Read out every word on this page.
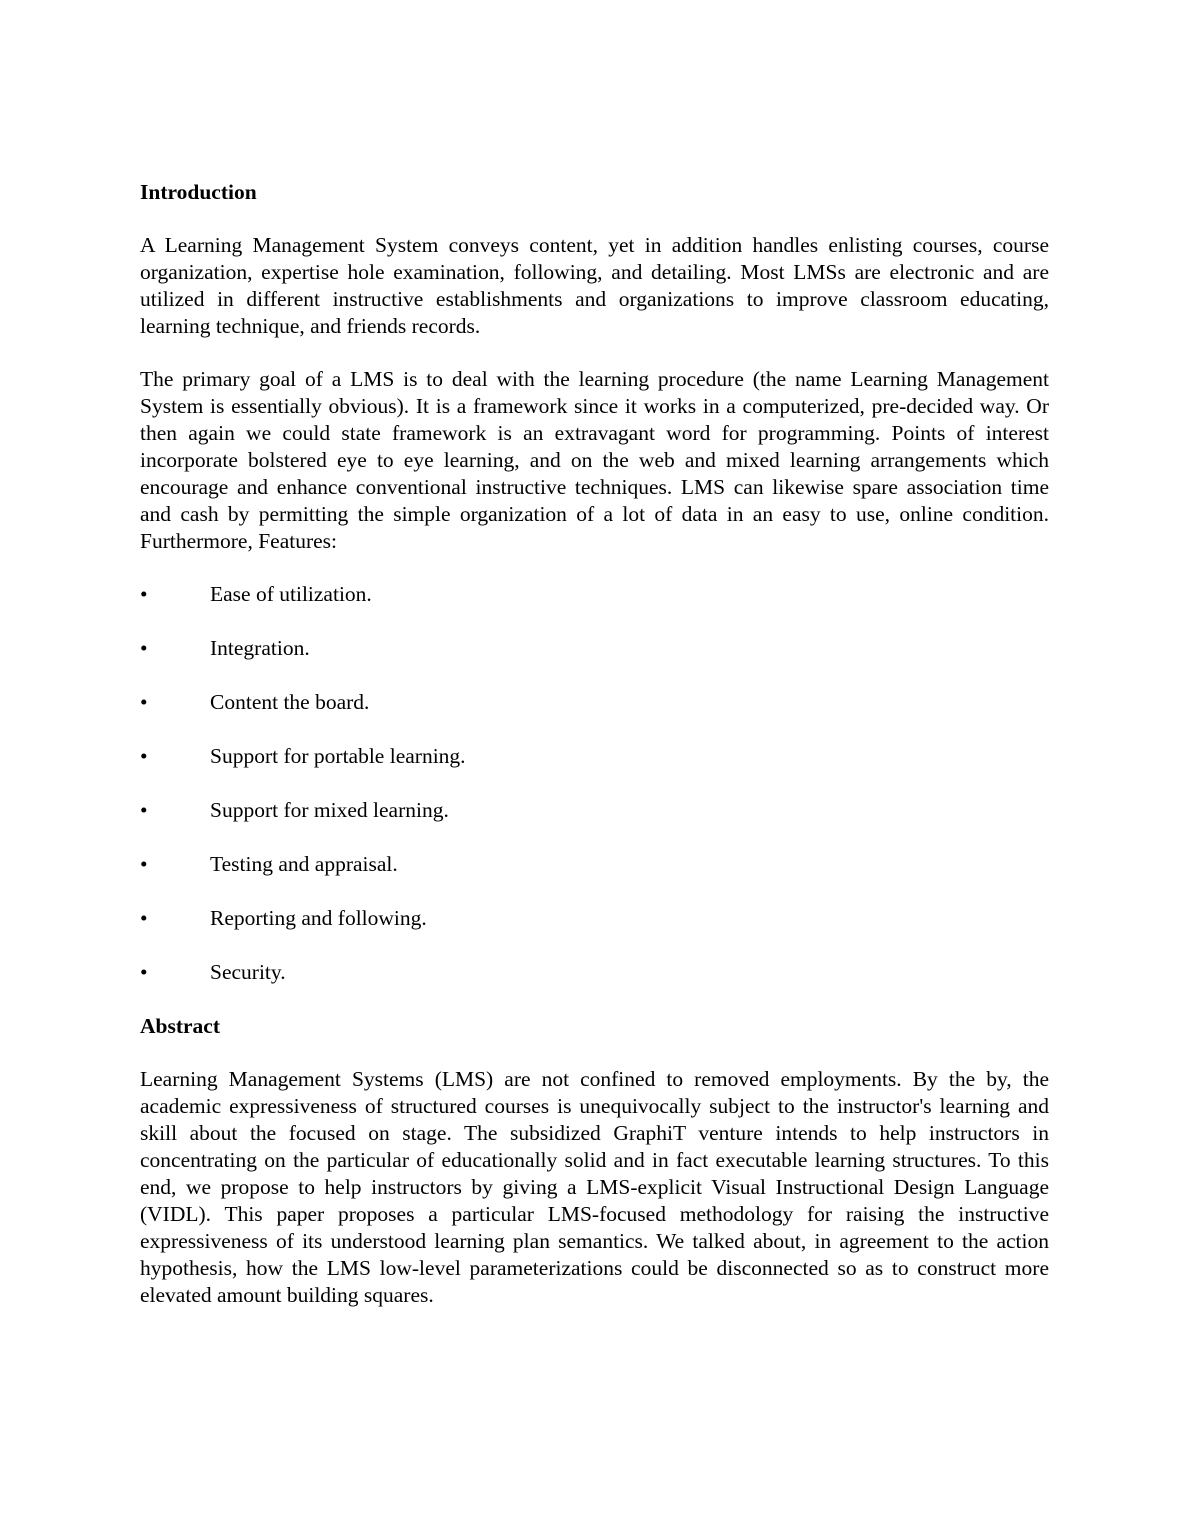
Introduction

A Learning Management System conveys content, yet in addition handles enlisting courses, course organization, expertise hole examination, following, and detailing. Most LMSs are electronic and are utilized in different instructive establishments and organizations to improve classroom educating, learning technique, and friends records.

The primary goal of a LMS is to deal with the learning procedure (the name Learning Management System is essentially obvious). It is a framework since it works in a computerized, pre-decided way. Or then again we could state framework is an extravagant word for programming. Points of interest incorporate bolstered eye to eye learning, and on the web and mixed learning arrangements which encourage and enhance conventional instructive techniques. LMS can likewise spare association time and cash by permitting the simple organization of a lot of data in an easy to use, online condition. Furthermore, Features:

•	Ease of utilization.
•	Integration.
•	Content the board.
•	Support for portable learning.
•	Support for mixed learning.
•	Testing and appraisal.
•	Reporting and following.
•	Security.
Abstract

Learning Management Systems (LMS) are not confined to removed employments. By the by, the academic expressiveness of structured courses is unequivocally subject to the instructor's learning and skill about the focused on stage. The subsidized GraphiT venture intends to help instructors in concentrating on the particular of educationally solid and in fact executable learning structures. To this end, we propose to help instructors by giving a LMS-explicit Visual Instructional Design Language (VIDL). This paper proposes a particular LMS-focused methodology for raising the instructive expressiveness of its understood learning plan semantics. We talked about, in agreement to the action hypothesis, how the LMS low-level parameterizations could be disconnected so as to construct more elevated amount building squares.
